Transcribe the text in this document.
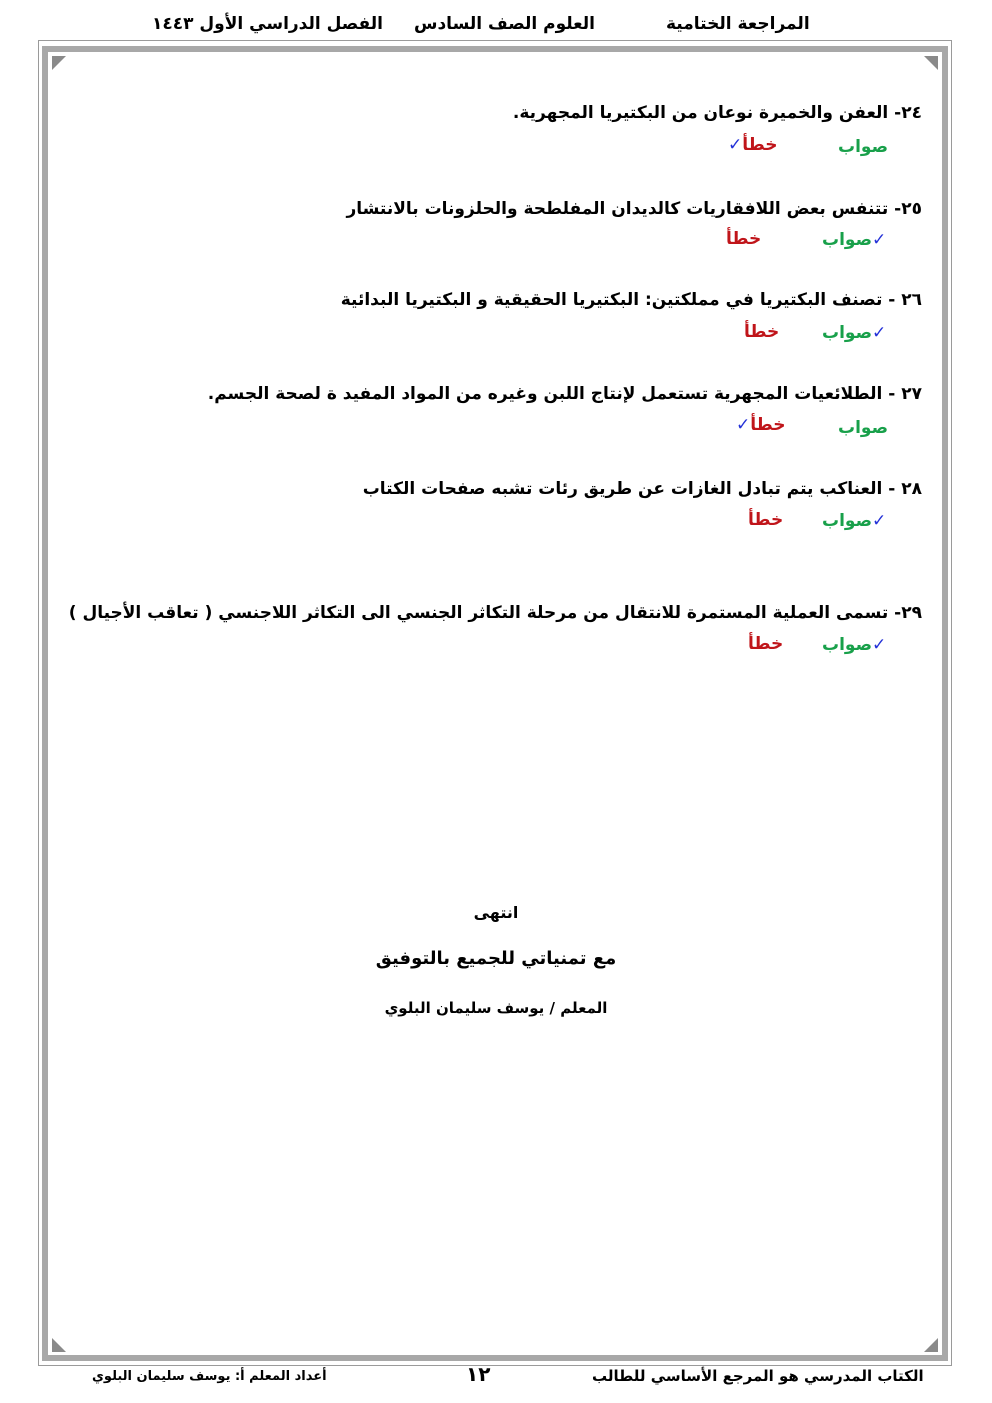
المراجعة الختامية
العلوم الصف السادس
الفصل الدراسي الأول ١٤٤٣
٢٤- العفن والخميرة نوعان من البكتيريا المجهرية.
صواب
خطأ✓
٢٥- تتنفس بعض اللافقاريات كالديدان المفلطحة والحلزونات بالانتشار
✓صواب
خطأ
٢٦ - تصنف البكتيريا في مملكتين: البكتيريا الحقيقية و البكتيريا البدائية
✓صواب
خطأ
٢٧ - الطلائعيات المجهرية تستعمل لإنتاج اللبن وغيره من المواد المفيد ة لصحة الجسم.
صواب
خطأ✓
٢٨ - العناكب يتم تبادل الغازات عن طريق رئات تشبه صفحات الكتاب
✓صواب
خطأ
٢٩- تسمى العملية المستمرة للانتقال من مرحلة التكاثر الجنسي الى التكاثر اللاجنسي ( تعاقب الأجيال )
✓صواب
خطأ
انتهى
مع تمنياتي للجميع بالتوفيق
المعلم / يوسف سليمان البلوي
الكتاب المدرسي هو المرجع الأساسي للطالب
١٢
أعداد المعلم أ: يوسف سليمان البلوي
